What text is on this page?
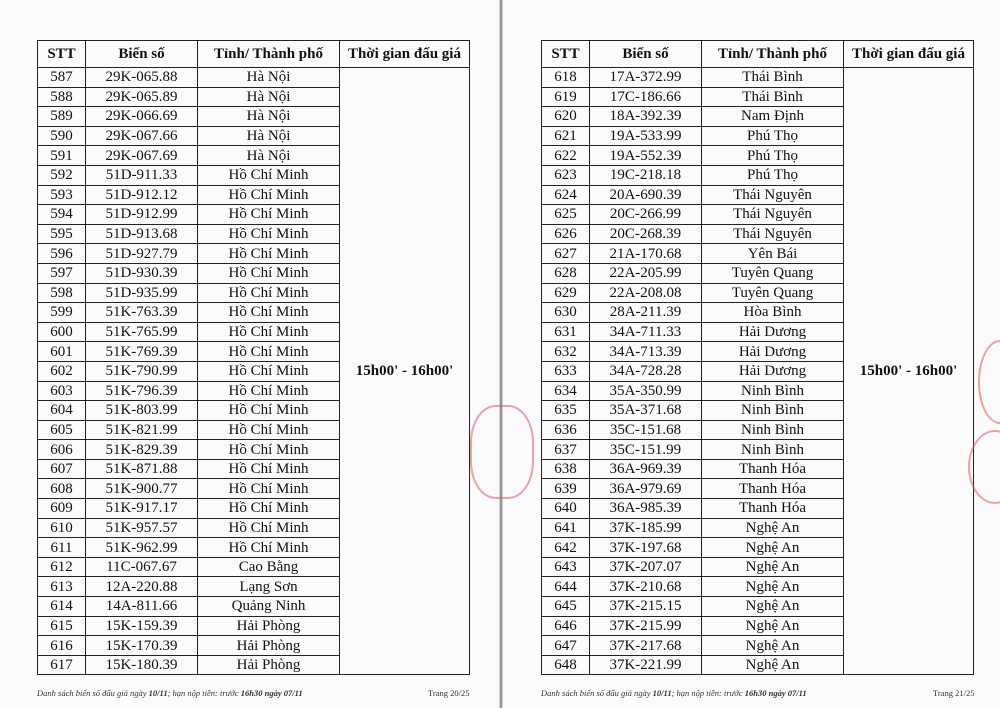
STT	Biển số	Tỉnh/ Thành phố	Thời gian đấu giá
587	29K-065.88	Hà Nội	15h00' - 16h00'
588	29K-065.89	Hà Nội	
589	29K-066.69	Hà Nội	
590	29K-067.66	Hà Nội	
591	29K-067.69	Hà Nội	
592	51D-911.33	Hồ Chí Minh	
593	51D-912.12	Hồ Chí Minh	
594	51D-912.99	Hồ Chí Minh	
595	51D-913.68	Hồ Chí Minh	
596	51D-927.79	Hồ Chí Minh	
597	51D-930.39	Hồ Chí Minh	
598	51D-935.99	Hồ Chí Minh	
599	51K-763.39	Hồ Chí Minh	
600	51K-765.99	Hồ Chí Minh	
601	51K-769.39	Hồ Chí Minh	
602	51K-790.99	Hồ Chí Minh	
603	51K-796.39	Hồ Chí Minh	
604	51K-803.99	Hồ Chí Minh	
605	51K-821.99	Hồ Chí Minh	
606	51K-829.39	Hồ Chí Minh	
607	51K-871.88	Hồ Chí Minh	
608	51K-900.77	Hồ Chí Minh	
609	51K-917.17	Hồ Chí Minh	
610	51K-957.57	Hồ Chí Minh	
611	51K-962.99	Hồ Chí Minh	
612	11C-067.67	Cao Bằng	
613	12A-220.88	Lạng Sơn	
614	14A-811.66	Quảng Ninh	
615	15K-159.39	Hải Phòng	
616	15K-170.39	Hải Phòng	
617	15K-180.39	Hải Phòng	
Danh sách biển số đấu giá ngày 10/11; hạn nộp tiền: trước 16h30 ngày 07/11	Trang 20/25
STT	Biển số	Tỉnh/ Thành phố	Thời gian đấu giá
618	17A-372.99	Thái Bình	15h00' - 16h00'
619	17C-186.66	Thái Bình	
620	18A-392.39	Nam Định	
621	19A-533.99	Phú Thọ	
622	19A-552.39	Phú Thọ	
623	19C-218.18	Phú Thọ	
624	20A-690.39	Thái Nguyên	
625	20C-266.99	Thái Nguyên	
626	20C-268.39	Thái Nguyên	
627	21A-170.68	Yên Bái	
628	22A-205.99	Tuyên Quang	
629	22A-208.08	Tuyên Quang	
630	28A-211.39	Hòa Bình	
631	34A-711.33	Hải Dương	
632	34A-713.39	Hải Dương	
633	34A-728.28	Hải Dương	
634	35A-350.99	Ninh Bình	
635	35A-371.68	Ninh Bình	
636	35C-151.68	Ninh Bình	
637	35C-151.99	Ninh Bình	
638	36A-969.39	Thanh Hóa	
639	36A-979.69	Thanh Hóa	
640	36A-985.39	Thanh Hóa	
641	37K-185.99	Nghệ An	
642	37K-197.68	Nghệ An	
643	37K-207.07	Nghệ An	
644	37K-210.68	Nghệ An	
645	37K-215.15	Nghệ An	
646	37K-215.99	Nghệ An	
647	37K-217.68	Nghệ An	
648	37K-221.99	Nghệ An	
Danh sách biển số đấu giá ngày 10/11; hạn nộp tiền: trước 16h30 ngày 07/11	Trang 21/25
